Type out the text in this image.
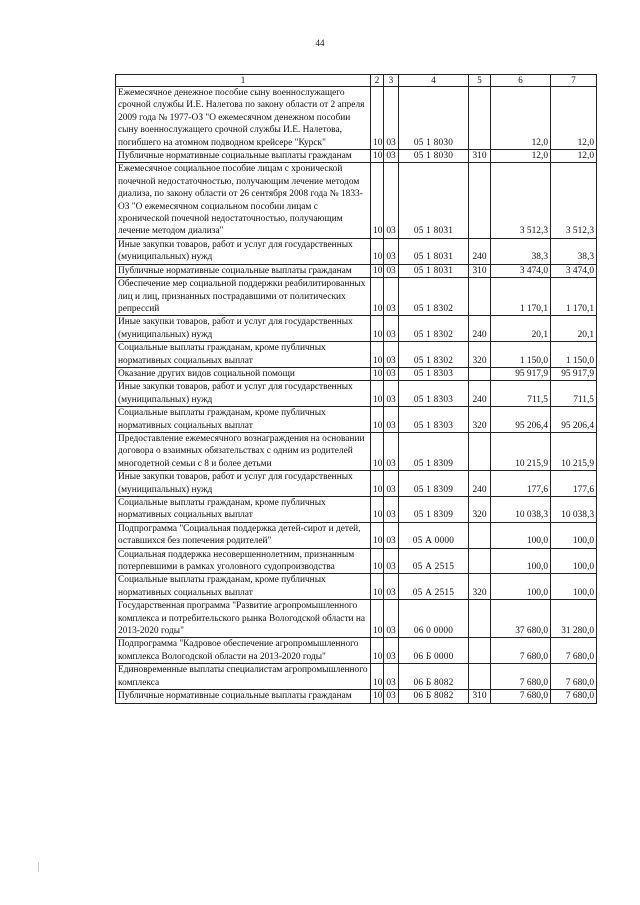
44
1	2	3	4	5	6	7
Ежемесячное денежное пособие сыну военнослужащего срочной службы И.Е. Налетова по закону области от 2 апреля 2009 года № 1977-ОЗ "О ежемесячном денежном пособии сыну военнослужащего срочной службы И.Е. Налетова, погибшего на атомном подводном крейсере "Курск"	10	03	05 1 8030		12,0	12,0
Публичные нормативные социальные выплаты гражданам	10	03	05 1 8030	310	12,0	12,0
Ежемесячное социальное пособие лицам с хронической почечной недостаточностью, получающим лечение методом диализа, по закону области от 26 сентября 2008 года № 1833-ОЗ "О ежемесячном социальном пособии лицам с хронической почечной недостаточностью, получающим лечение методом диализа"	10	03	05 1 8031		3 512,3	3 512,3
Иные закупки товаров, работ и услуг для государственных (муниципальных) нужд	10	03	05 1 8031	240	38,3	38,3
Публичные нормативные социальные выплаты гражданам	10	03	05 1 8031	310	3 474,0	3 474,0
Обеспечение мер социальной поддержки реабилитированных лиц и лиц, признанных пострадавшими от политических репрессий	10	03	05 1 8302		1 170,1	1 170,1
Иные закупки товаров, работ и услуг для государственных (муниципальных) нужд	10	03	05 1 8302	240	20,1	20,1
Социальные выплаты гражданам, кроме публичных нормативных социальных выплат	10	03	05 1 8302	320	1 150,0	1 150,0
Оказание других видов социальной помощи	10	03	05 1 8303		95 917,9	95 917,9
Иные закупки товаров, работ и услуг для государственных (муниципальных) нужд	10	03	05 1 8303	240	711,5	711,5
Социальные выплаты гражданам, кроме публичных нормативных социальных выплат	10	03	05 1 8303	320	95 206,4	95 206,4
Предоставление ежемесячного вознаграждения на основании договора о взаимных обязательствах с одним из родителей многодетной семьи с 8 и более детьми	10	03	05 1 8309		10 215,9	10 215,9
Иные закупки товаров, работ и услуг для государственных (муниципальных) нужд	10	03	05 1 8309	240	177,6	177,6
Социальные выплаты гражданам, кроме публичных нормативных социальных выплат	10	03	05 1 8309	320	10 038,3	10 038,3
Подпрограмма "Социальная поддержка детей-сирот и детей, оставшихся без попечения родителей"	10	03	05 А 0000		100,0	100,0
Социальная поддержка несовершеннолетним, признанным потерпевшими в рамках уголовного судопроизводства	10	03	05 А 2515		100,0	100,0
Социальные выплаты гражданам, кроме публичных нормативных социальных выплат	10	03	05 А 2515	320	100,0	100,0
Государственная программа "Развитие агропромышленного комплекса и потребительского рынка Вологодской области на 2013-2020 годы"	10	03	06 0 0000		37 680,0	31 280,0
Подпрограмма "Кадровое обеспечение агропромышленного комплекса Вологодской области на 2013-2020 годы"	10	03	06 Б 0000		7 680,0	7 680,0
Единовременные выплаты специалистам агропромышленного комплекса	10	03	06 Б 8082		7 680,0	7 680,0
Публичные нормативные социальные выплаты гражданам	10	03	06 Б 8082	310	7 680,0	7 680,0
